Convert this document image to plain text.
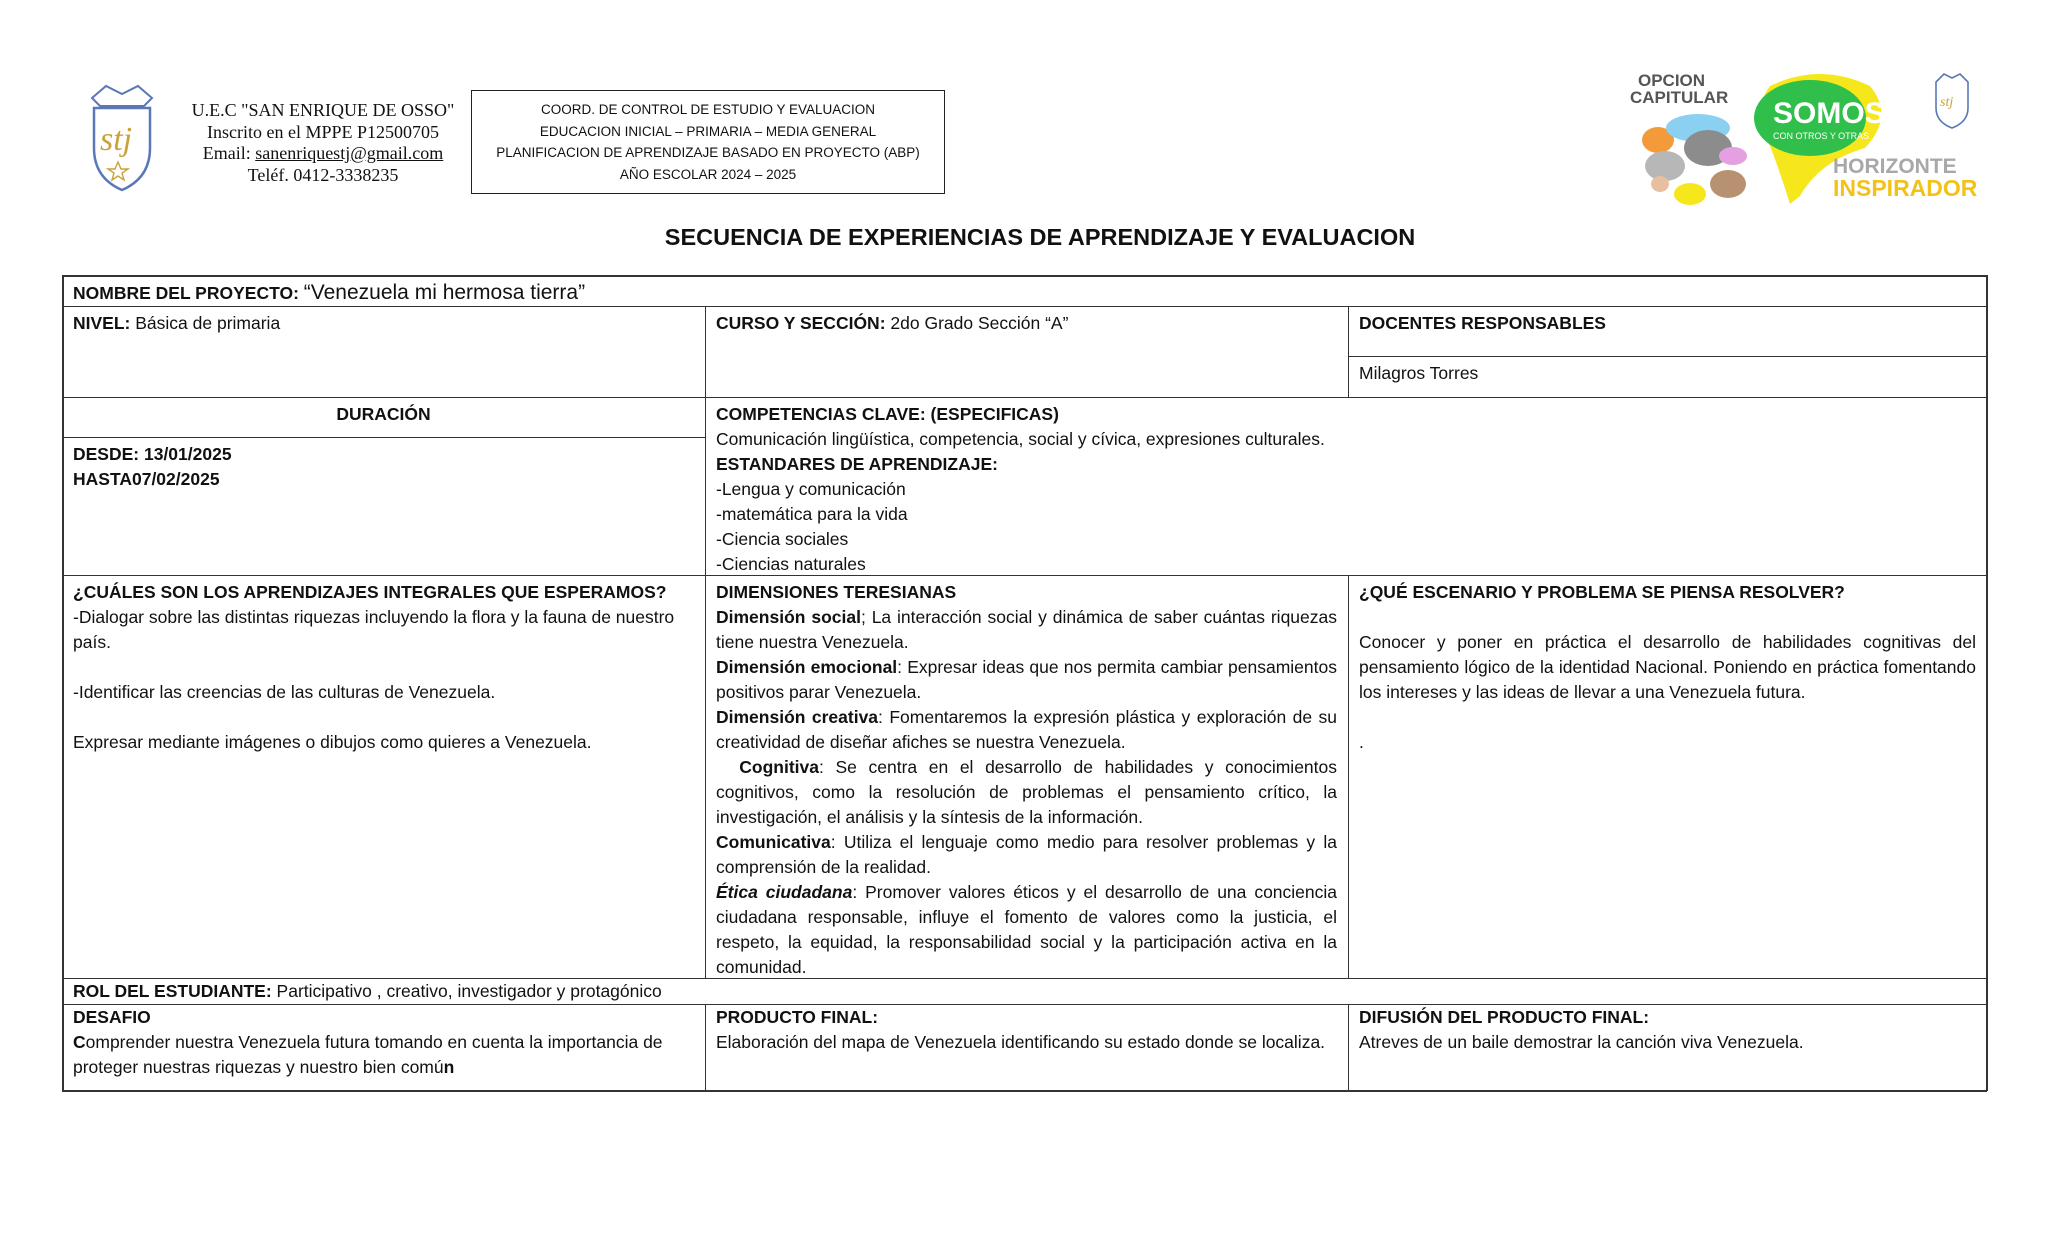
stj
U.E.C "SAN ENRIQUE DE OSSO"
Inscrito en el MPPE P12500705
Email: sanenriquestj@gmail.com
Teléf. 0412-3338235
COORD. DE CONTROL DE ESTUDIO Y EVALUACION
EDUCACION INICIAL – PRIMARIA – MEDIA GENERAL
PLANIFICACION DE APRENDIZAJE BASADO EN PROYECTO (ABP)
AÑO ESCOLAR 2024 – 2025
OPCION
CAPITULAR SOMOS
CON OTROS Y OTRAS
HORIZONTE
INSPIRADOR
stj
SECUENCIA DE EXPERIENCIAS DE APRENDIZAJE Y EVALUACION
NOMBRE DEL PROYECTO: “Venezuela mi hermosa tierra”
NIVEL: Básica de primaria	CURSO Y SECCIÓN: 2do Grado Sección “A”	DOCENTES RESPONSABLES
Milagros Torres
DURACIÓN
DESDE: 13/01/2025
HASTA07/02/2025
COMPETENCIAS CLAVE: (ESPECIFICAS)
Comunicación lingüística, competencia, social y cívica, expresiones culturales.
ESTANDARES DE APRENDIZAJE:
-Lengua y comunicación
-matemática para la vida
-Ciencia sociales
-Ciencias naturales
¿CUÁLES SON LOS APRENDIZAJES INTEGRALES QUE ESPERAMOS?
-Dialogar sobre las distintas riquezas incluyendo la flora y la fauna de nuestro país.
-Identificar las creencias de las culturas de Venezuela.
Expresar mediante imágenes o dibujos como quieres a Venezuela.

DIMENSIONES TERESIANAS

Dimensión social; La interacción social y dinámica de saber cuántas riquezas tiene nuestra Venezuela.

Dimensión emocional: Expresar ideas que nos permita cambiar pensamientos positivos parar Venezuela.

Dimensión creativa: Fomentaremos la expresión plástica y exploración de su creatividad de diseñar afiches se nuestra Venezuela.

Cognitiva: Se centra en el desarrollo de habilidades y conocimientos cognitivos, como la resolución de problemas el pensamiento crítico, la investigación, el análisis y la síntesis de la información.

Comunicativa: Utiliza el lenguaje como medio para resolver problemas y la comprensión de la realidad.

Ética ciudadana: Promover valores éticos y el desarrollo de una conciencia ciudadana responsable, influye el fomento de valores como la justicia, el respeto, la equidad, la responsabilidad social y la participación activa en la comunidad.

¿QUÉ ESCENARIO Y PROBLEMA SE PIENSA RESOLVER?

Conocer y poner en práctica el desarrollo de habilidades cognitivas del pensamiento lógico de la identidad Nacional. Poniendo en práctica fomentando los intereses y las ideas de llevar a una Venezuela futura.

.

ROL DEL ESTUDIANTE: Participativo , creativo, investigador y protagónico
DESAFIO
Comprender nuestra Venezuela futura tomando en cuenta la importancia de proteger nuestras riquezas y nuestro bien común

PRODUCTO FINAL:

Elaboración del mapa de Venezuela identificando su estado donde se localiza.

DIFUSIÓN DEL PRODUCTO FINAL:
Atreves de un baile demostrar la canción viva Venezuela.
